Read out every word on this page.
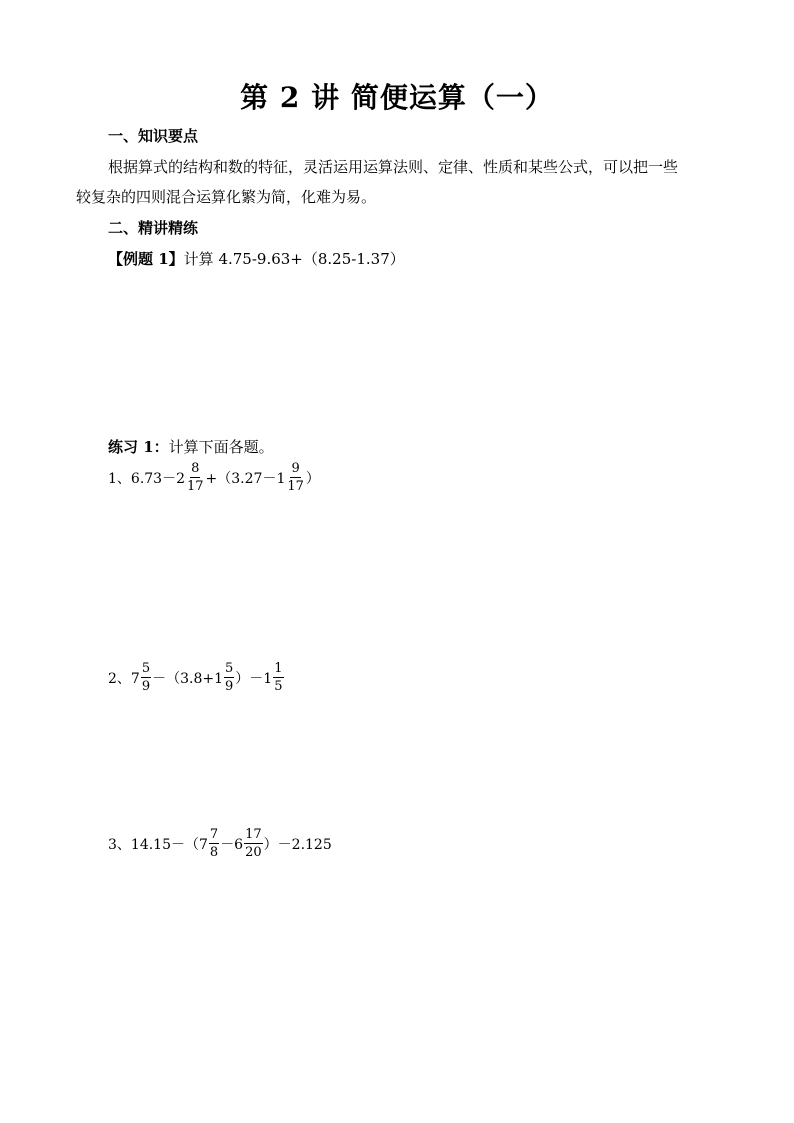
第 2 讲 简便运算（一）
一、知识要点
根据算式的结构和数的特征，灵活运用运算法则、定律、性质和某些公式，可以把一些
较复杂的四则混合运算化繁为简，化难为易。
二、精讲精练
【例题 1】计算 4.75-9.63+（8.25-1.37）
练习 1：计算下面各题。
1、$6.73-2 \frac{8}{17} +(3.27-1 \frac{9}{17}$ ）
2、$7 \frac{5}{9} -(3.8+1 \frac{5}{9} )-1 \frac{1}{5}$
3、$14.15-(7 \frac{7}{8} -6 \frac{17}{20} )-2.125$
